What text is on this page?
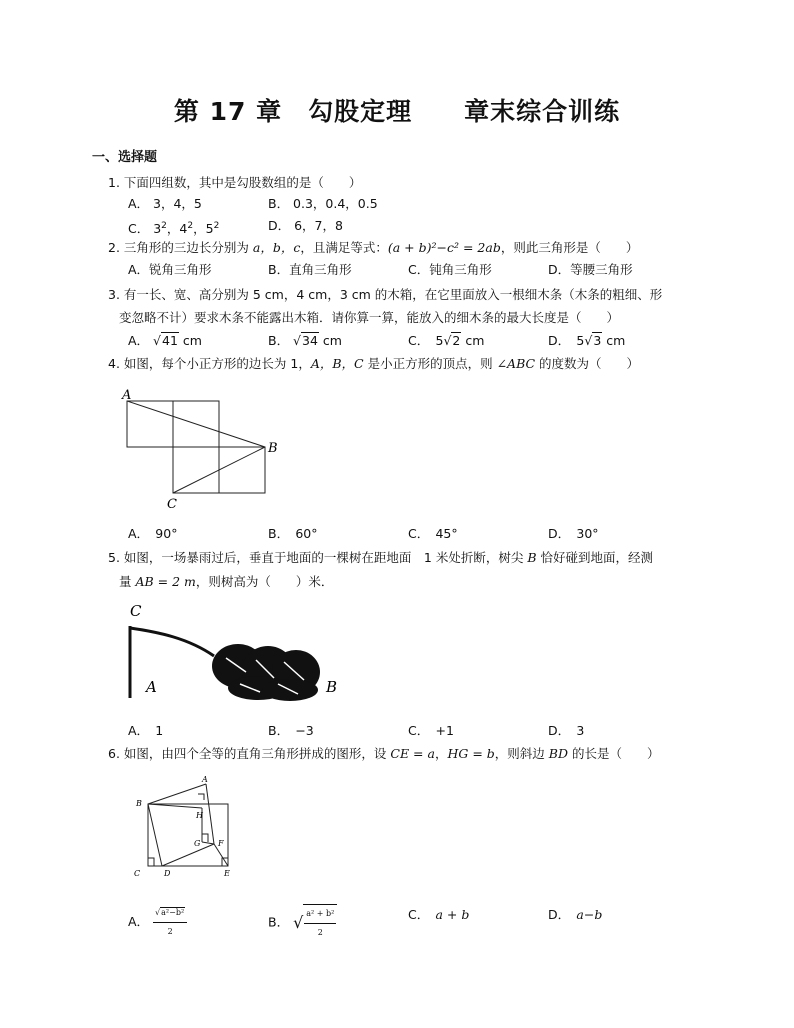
第 17 章　勾股定理　　章末综合训练
一、选择题
1. 下面四组数，其中是勾股数组的是（　　）
A． 3，4，5	B． 0.3，0.4，0.5
C． $3^2$，$4^2$，$5^2$	D． 6，7，8
2. 三角形的三边长分别为 a，b，c，且满足等式：(a + b)²−c² = 2ab，则此三角形是（　　）
A．锐角三角形	B．直角三角形	C．钝角三角形	D．等腰三角形
3. 有一长、宽、高分别为 5 cm，4 cm，3 cm 的木箱，在它里面放入一根细木条（木条的粗细、形
变忽略不计）要求木条不能露出木箱．请你算一算，能放入的细木条的最大长度是（　　）
A． √41 cm	B． √34 cm	C．　 5√2 cm	D．　 5√3 cm
4. 如图，每个小正方形的边长为 1，A，B，C 是小正方形的顶点，则 ∠ABC 的度数为（　　）
A
B
C
A．　90°	B．　60°	C．　45°	D．　30°
5. 如图，一场暴雨过后，垂直于地面的一棵树在距地面　1 米处折断，树尖 B 恰好碰到地面，经测
量 AB = 2 m，则树高为（　　）米．
C
A	B
A．　1	B．　−3	C．　+1	D．　3
6. 如图，由四个全等的直角三角形拼成的图形，设 CE = a，HG = b，则斜边 BD 的长是（　　）
A
B
H
G F
C	D	E
A． $\frac{\text{√a²−b²}}{2}$	B． √ $\frac{\text{a² + b²}}{2}$	C．　 a + b	D．　 a−b
